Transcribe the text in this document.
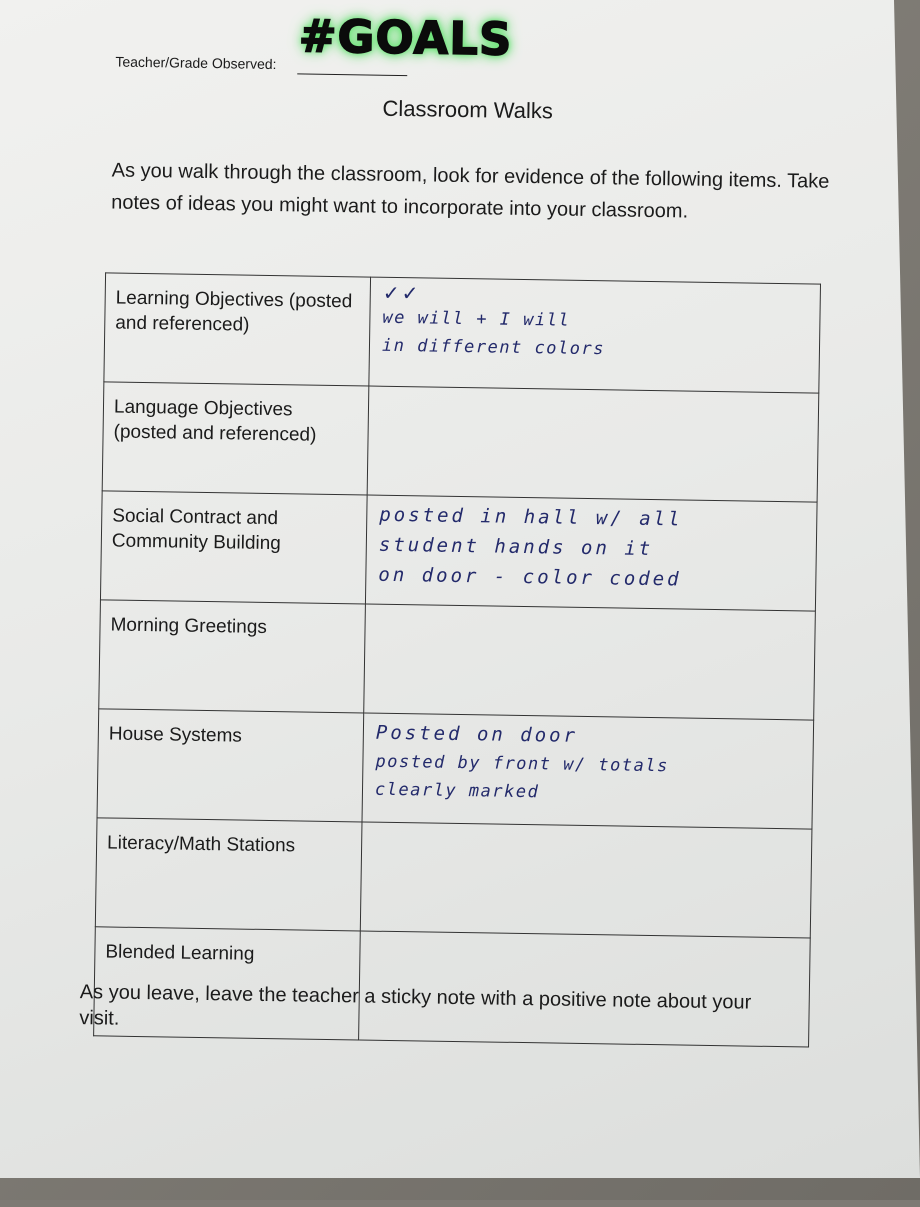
Teacher/Grade Observed: #GOALS
Classroom Walks
As you walk through the classroom, look for evidence of the following items. Take notes of ideas you might want to incorporate into your classroom.
Learning Objectives (posted and referenced)	✓✓
we will + I will
in different colors

Language Objectives (posted and referenced)	
Social Contract and Community Building	posted in hall w/ all
student hands on it
on door - color coded

Morning Greetings	
House Systems	Posted on door
posted by front w/ totals
clearly marked

Literacy/Math Stations	
Blended Learning	
As you leave, leave the teacher a sticky note with a positive note about your visit.
